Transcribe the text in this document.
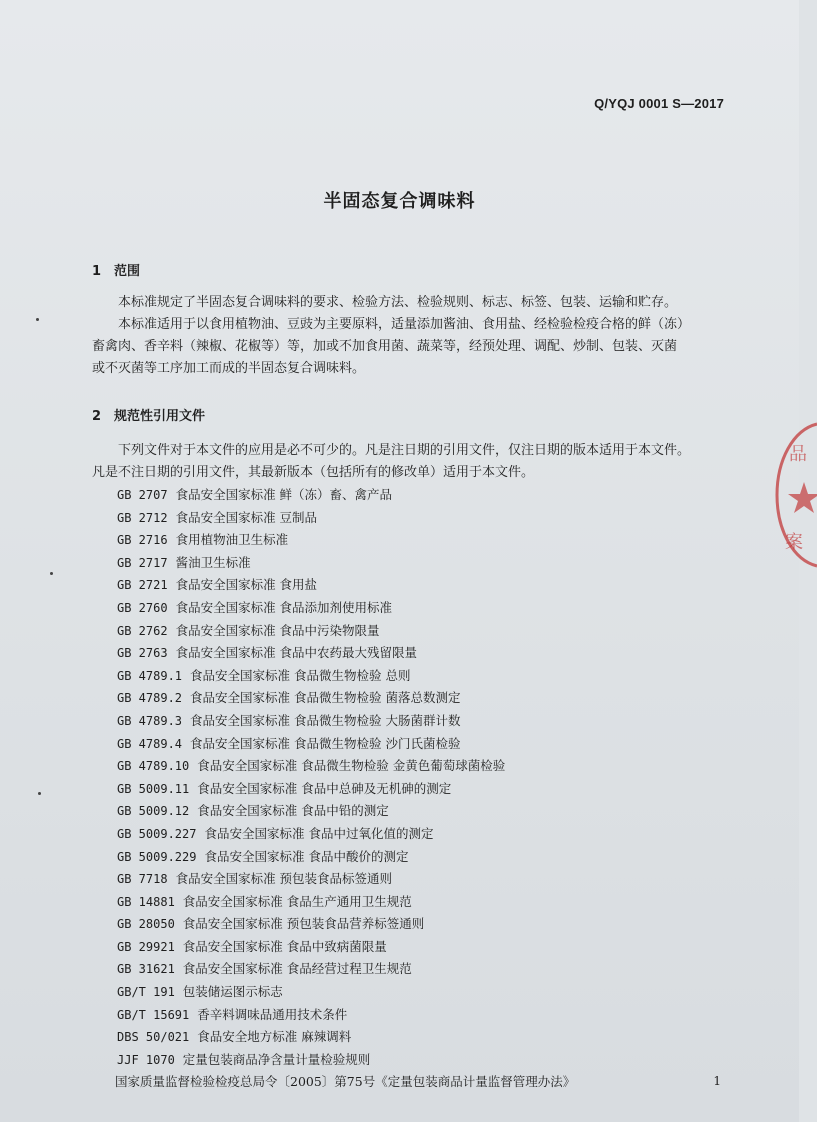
Q/YQJ 0001 S—2017
半固态复合调味料
1 范围

本标准规定了半固态复合调味料的要求、检验方法、检验规则、标志、标签、包装、运输和贮存。

本标准适用于以食用植物油、豆豉为主要原料，适量添加酱油、食用盐、经检验检疫合格的鲜（冻）

畜禽肉、香辛料（辣椒、花椒等）等，加或不加食用菌、蔬菜等，经预处理、调配、炒制、包装、灭菌

或不灭菌等工序加工而成的半固态复合调味料。

2 规范性引用文件

下列文件对于本文件的应用是必不可少的。凡是注日期的引用文件，仅注日期的版本适用于本文件。

凡是不注日期的引用文件，其最新版本（包括所有的修改单）适用于本文件。

GB 2707 食品安全国家标准 鲜（冻）畜、禽产品
GB 2712 食品安全国家标准 豆制品
GB 2716 食用植物油卫生标准
GB 2717 酱油卫生标准
GB 2721 食品安全国家标准 食用盐
GB 2760 食品安全国家标准 食品添加剂使用标准
GB 2762 食品安全国家标准 食品中污染物限量
GB 2763 食品安全国家标准 食品中农药最大残留限量
GB 4789.1 食品安全国家标准 食品微生物检验 总则
GB 4789.2 食品安全国家标准 食品微生物检验 菌落总数测定
GB 4789.3 食品安全国家标准 食品微生物检验 大肠菌群计数
GB 4789.4 食品安全国家标准 食品微生物检验 沙门氏菌检验
GB 4789.10 食品安全国家标准 食品微生物检验 金黄色葡萄球菌检验
GB 5009.11 食品安全国家标准 食品中总砷及无机砷的测定
GB 5009.12 食品安全国家标准 食品中铅的测定
GB 5009.227 食品安全国家标准 食品中过氧化值的测定
GB 5009.229 食品安全国家标准 食品中酸价的测定
GB 7718 食品安全国家标准 预包装食品标签通则
GB 14881 食品安全国家标准 食品生产通用卫生规范
GB 28050 食品安全国家标准 预包装食品营养标签通则
GB 29921 食品安全国家标准 食品中致病菌限量
GB 31621 食品安全国家标准 食品经营过程卫生规范
GB/T 191 包装储运图示标志
GB/T 15691 香辛料调味品通用技术条件
DBS 50/021 食品安全地方标准 麻辣调料
JJF 1070 定量包装商品净含量计量检验规则
国家质量监督检验检疫总局令〔2005〕第75号《定量包装商品计量监督管理办法》	1
品
案
